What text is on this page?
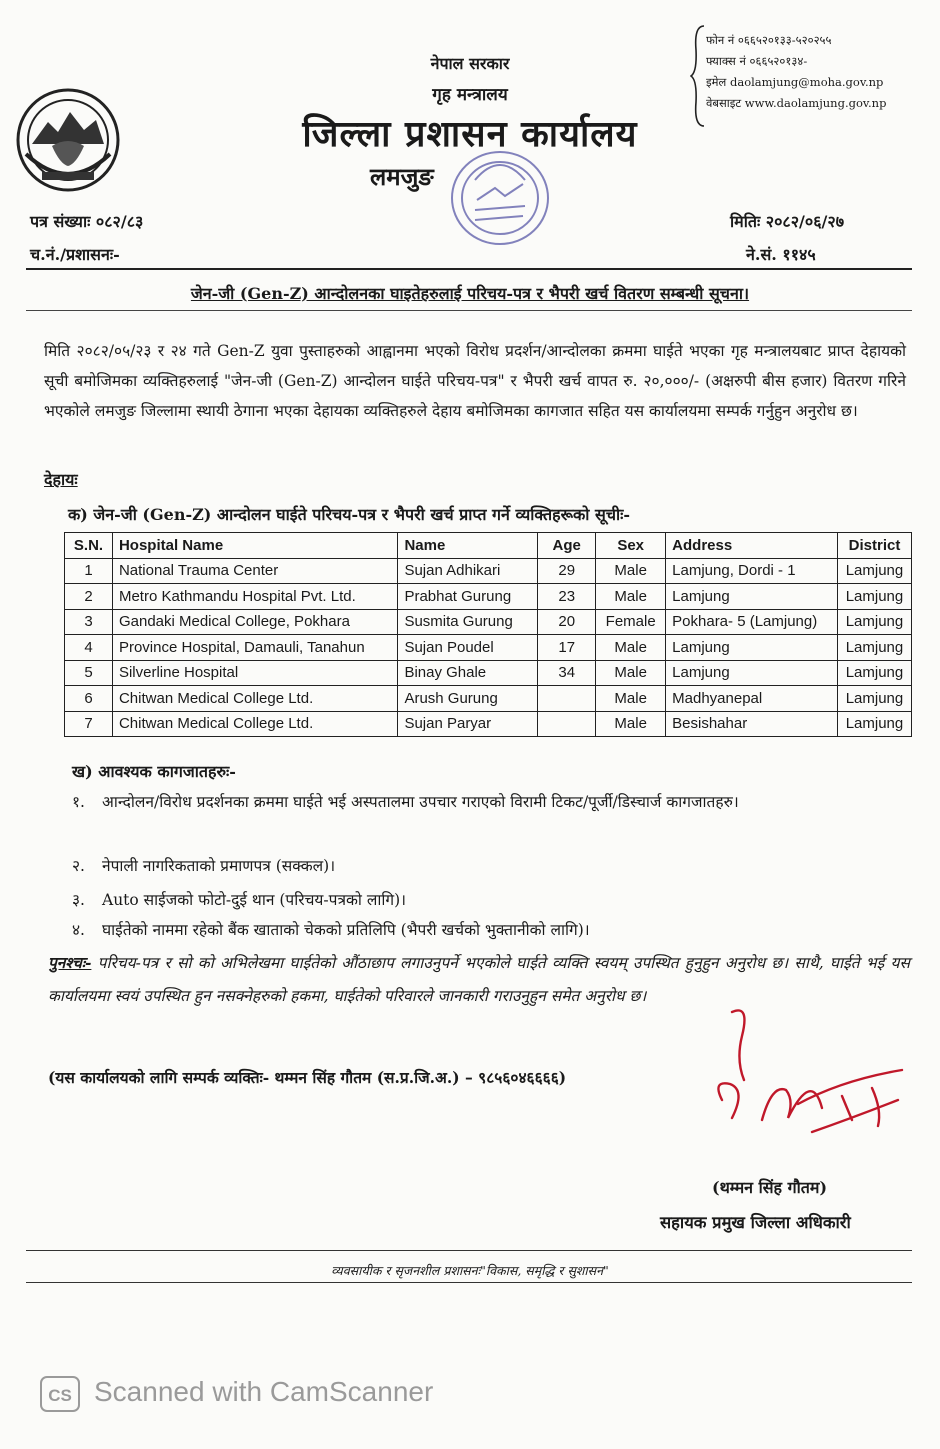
नेपाल सरकार
गृह मन्त्रालय
जिल्ला प्रशासन कार्यालय
लमजुङ
फोन नं ०६६५२०१३३-५२०२५५
फ्याक्स नं ०६६५२०१३४-
इमेल daolamjung@moha.gov.np
वेबसाइट www.daolamjung.gov.np
पत्र संख्याः ०८२/८३
च.नं./प्रशासनः-
मितिः २०८२/०६/२७
ने.सं. ११४५
जेन-जी (Gen-Z) आन्दोलनका घाइतेहरुलाई परिचय-पत्र र भैपरी खर्च वितरण सम्बन्धी सूचना।
मिति २०८२/०५/२३ र २४ गते Gen-Z युवा पुस्ताहरुको आह्वानमा भएको विरोध प्रदर्शन/आन्दोलका क्रममा घाईते भएका गृह मन्त्रालयबाट प्राप्त देहायको सूची बमोजिमका व्यक्तिहरुलाई "जेन-जी (Gen-Z) आन्दोलन घाईते परिचय-पत्र" र भैपरी खर्च वापत रु. २०,०००/- (अक्षरुपी बीस हजार) वितरण गरिने भएकोले लमजुङ जिल्लामा स्थायी ठेगाना भएका देहायका व्यक्तिहरुले देहाय बमोजिमका कागजात सहित यस कार्यालयमा सम्पर्क गर्नुहुन अनुरोध छ।
देहायः
क) जेन-जी (Gen-Z) आन्दोलन घाईते परिचय-पत्र र भैपरी खर्च प्राप्त गर्ने व्यक्तिहरूको सूचीः-
S.N.	Hospital Name	Name	Age	Sex	Address	District
1	National Trauma Center	Sujan Adhikari	29	Male	Lamjung, Dordi - 1	Lamjung
2	Metro Kathmandu Hospital Pvt. Ltd.	Prabhat Gurung	23	Male	Lamjung	Lamjung
3	Gandaki Medical College, Pokhara	Susmita Gurung	20	Female	Pokhara- 5 (Lamjung)	Lamjung
4	Province Hospital, Damauli, Tanahun	Sujan Poudel	17	Male	Lamjung	Lamjung
5	Silverline Hospital	Binay Ghale	34	Male	Lamjung	Lamjung
6	Chitwan Medical College Ltd.	Arush Gurung		Male	Madhyanepal	Lamjung
7	Chitwan Medical College Ltd.	Sujan Paryar		Male	Besishahar	Lamjung
ख) आवश्यक कागजातहरुः-
१. आन्दोलन/विरोध प्रदर्शनका क्रममा घाईते भई अस्पतालमा उपचार गराएको विरामी टिकट/पूर्जी/डिस्चार्ज कागजातहरु।
२. नेपाली नागरिकताको प्रमाणपत्र (सक्कल)।
३. Auto साईजको फोटो-दुई थान (परिचय-पत्रको लागि)।
४. घाईतेको नाममा रहेको बैंक खाताको चेकको प्रतिलिपि (भैपरी खर्चको भुक्तानीको लागि)।
पुनश्चः- परिचय-पत्र र सो को अभिलेखमा घाईतेको औंठाछाप लगाउनुपर्ने भएकोले घाईते व्यक्ति स्वयम् उपस्थित हुनुहुन अनुरोध छ। साथै, घाईते भई यस कार्यालयमा स्वयं उपस्थित हुन नसक्नेहरुको हकमा, घाईतेको परिवारले जानकारी गराउनुहुन समेत अनुरोध छ।
(यस कार्यालयको लागि सम्पर्क व्यक्तिः- थम्मन सिंह गौतम (स.प्र.जि.अ.) – ९८५६०४६६६६)
(थम्मन सिंह गौतम)
सहायक प्रमुख जिल्ला अधिकारी
व्यवसायीक र सृजनशील प्रशासनः"विकास, समृद्धि र सुशासन"
CS Scanned with CamScanner
